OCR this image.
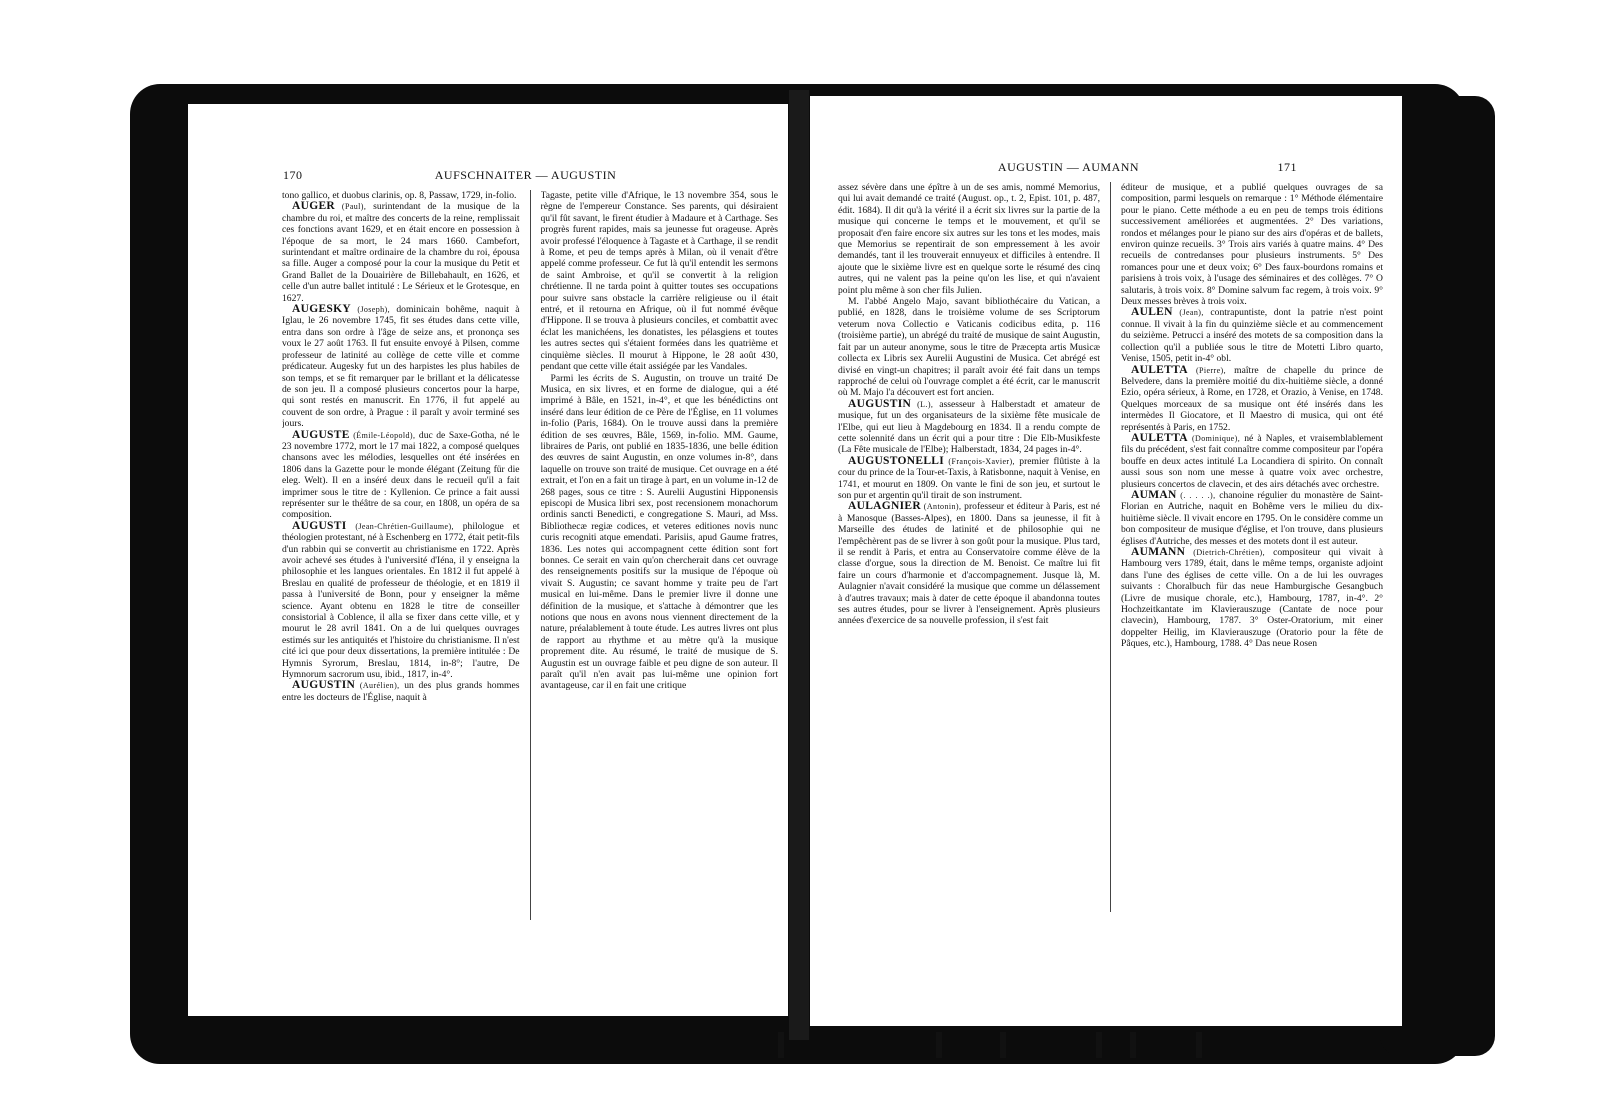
170	AUFSCHNAITER — AUGUSTIN

tono gallico, et duobus clarinis, op. 8, Passaw, 1729, in-folio.

AUGER (Paul), surintendant de la musique de la chambre du roi, et maître des concerts de la reine, remplissait ces fonctions avant 1629, et en était encore en possession à l'époque de sa mort, le 24 mars 1660. Cambefort, surintendant et maître ordinaire de la chambre du roi, épousa sa fille. Auger a composé pour la cour la musique du Petit et Grand Ballet de la Douairière de Billebahault, en 1626, et celle d'un autre ballet intitulé : Le Sérieux et le Grotesque, en 1627.

AUGESKY (Joseph), dominicain bohême, naquit à Iglau, le 26 novembre 1745, fit ses études dans cette ville, entra dans son ordre à l'âge de seize ans, et prononça ses voux le 27 août 1763. Il fut ensuite envoyé à Pilsen, comme professeur de latinité au collège de cette ville et comme prédicateur. Augesky fut un des harpistes les plus habiles de son temps, et se fit remarquer par le brillant et la délicatesse de son jeu. Il a composé plusieurs concertos pour la harpe, qui sont restés en manuscrit. En 1776, il fut appelé au couvent de son ordre, à Prague : il paraît y avoir terminé ses jours.

AUGUSTE (Émile-Léopold), duc de Saxe-Gotha, né le 23 novembre 1772, mort le 17 mai 1822, a composé quelques chansons avec les mélodies, lesquelles ont été insérées en 1806 dans la Gazette pour le monde élégant (Zeitung für die eleg. Welt). Il en a inséré deux dans le recueil qu'il a fait imprimer sous le titre de : Kyllenion. Ce prince a fait aussi représenter sur le théâtre de sa cour, en 1808, un opéra de sa composition.

AUGUSTI (Jean-Chrétien-Guillaume), philologue et théologien protestant, né à Eschenberg en 1772, était petit-fils d'un rabbin qui se convertit au christianisme en 1722. Après avoir achevé ses études à l'université d'Iéna, il y enseigna la philosophie et les langues orientales. En 1812 il fut appelé à Breslau en qualité de professeur de théologie, et en 1819 il passa à l'université de Bonn, pour y enseigner la même science. Ayant obtenu en 1828 le titre de conseiller consistorial à Coblence, il alla se fixer dans cette ville, et y mourut le 28 avril 1841. On a de lui quelques ouvrages estimés sur les antiquités et l'histoire du christianisme. Il n'est cité ici que pour deux dissertations, la première intitulée : De Hymnis Syrorum, Breslau, 1814, in-8°; l'autre, De Hymnorum sacrorum usu, ibid., 1817, in-4°.

AUGUSTIN (Aurélien), un des plus grands hommes entre les docteurs de l'Église, naquit à

Tagaste, petite ville d'Afrique, le 13 novembre 354, sous le règne de l'empereur Constance. Ses parents, qui désiraient qu'il fût savant, le firent étudier à Madaure et à Carthage. Ses progrès furent rapides, mais sa jeunesse fut orageuse. Après avoir professé l'éloquence à Tagaste et à Carthage, il se rendit à Rome, et peu de temps après à Milan, où il venait d'être appelé comme professeur. Ce fut là qu'il entendit les sermons de saint Ambroise, et qu'il se convertit à la religion chrétienne. Il ne tarda point à quitter toutes ses occupations pour suivre sans obstacle la carrière religieuse ou il était entré, et il retourna en Afrique, où il fut nommé évêque d'Hippone. Il se trouva à plusieurs conciles, et combattit avec éclat les manichéens, les donatistes, les pélasgiens et toutes les autres sectes qui s'étaient formées dans les quatrième et cinquième siècles. Il mourut à Hippone, le 28 août 430, pendant que cette ville était assiégée par les Vandales.

Parmi les écrits de S. Augustin, on trouve un traité De Musica, en six livres, et en forme de dialogue, qui a été imprimé à Bâle, en 1521, in-4°, et que les bénédictins ont inséré dans leur édition de ce Père de l'Église, en 11 volumes in-folio (Paris, 1684). On le trouve aussi dans la première édition de ses œuvres, Bâle, 1569, in-folio. MM. Gaume, libraires de Paris, ont publié en 1835-1836, une belle édition des œuvres de saint Augustin, en onze volumes in-8°, dans laquelle on trouve son traité de musique. Cet ouvrage en a été extrait, et l'on en a fait un tirage à part, en un volume in-12 de 268 pages, sous ce titre : S. Aurelii Augustini Hipponensis episcopi de Musica libri sex, post recensionem monachorum ordinis sancti Benedicti, e congregatione S. Mauri, ad Mss. Bibliothecæ regiæ codices, et veteres editiones novis nunc curis recogniti atque emendati. Parisiis, apud Gaume fratres, 1836. Les notes qui accompagnent cette édition sont fort bonnes. Ce serait en vain qu'on chercherait dans cet ouvrage des renseignements positifs sur la musique de l'époque où vivait S. Augustin; ce savant homme y traite peu de l'art musical en lui-même. Dans le premier livre il donne une définition de la musique, et s'attache à démontrer que les notions que nous en avons nous viennent directement de la nature, préalablement à toute étude. Les autres livres ont plus de rapport au rhythme et au mètre qu'à la musique proprement dite. Au résumé, le traité de musique de S. Augustin est un ouvrage faible et peu digne de son auteur. Il paraît qu'il n'en avait pas lui-même une opinion fort avantageuse, car il en fait une critique

AUGUSTIN — AUMANN	171

assez sévère dans une épître à un de ses amis, nommé Memorius, qui lui avait demandé ce traité (August. op., t. 2, Epist. 101, p. 487, édit. 1684). Il dit qu'à la vérité il a écrit six livres sur la partie de la musique qui concerne le temps et le mouvement, et qu'il se proposait d'en faire encore six autres sur les tons et les modes, mais que Memorius se repentirait de son empressement à les avoir demandés, tant il les trouverait ennuyeux et difficiles à entendre. Il ajoute que le sixième livre est en quelque sorte le résumé des cinq autres, qui ne valent pas la peine qu'on les lise, et qui n'avaient point plu même à son cher fils Julien.

M. l'abbé Angelo Majo, savant bibliothécaire du Vatican, a publié, en 1828, dans le troisième volume de ses Scriptorum veterum nova Collectio e Vaticanis codicibus edita, p. 116 (troisième partie), un abrégé du traité de musique de saint Augustin, fait par un auteur anonyme, sous le titre de Præcepta artis Musicæ collecta ex Libris sex Aurelii Augustini de Musica. Cet abrégé est divisé en vingt-un chapitres; il paraît avoir été fait dans un temps rapproché de celui où l'ouvrage complet a été écrit, car le manuscrit où M. Majo l'a découvert est fort ancien.

AUGUSTIN (L.), assesseur à Halberstadt et amateur de musique, fut un des organisateurs de la sixième fête musicale de l'Elbe, qui eut lieu à Magdebourg en 1834. Il a rendu compte de cette solennité dans un écrit qui a pour titre : Die Elb-Musikfeste (La Fête musicale de l'Elbe); Halberstadt, 1834, 24 pages in-4°.

AUGUSTONELLI (François-Xavier), premier flûtiste à la cour du prince de la Tour-et-Taxis, à Ratisbonne, naquit à Venise, en 1741, et mourut en 1809. On vante le fini de son jeu, et surtout le son pur et argentin qu'il tirait de son instrument.

AULAGNIER (Antonin), professeur et éditeur à Paris, est né à Manosque (Basses-Alpes), en 1800. Dans sa jeunesse, il fit à Marseille des études de latinité et de philosophie qui ne l'empêchèrent pas de se livrer à son goût pour la musique. Plus tard, il se rendit à Paris, et entra au Conservatoire comme élève de la classe d'orgue, sous la direction de M. Benoist. Ce maître lui fit faire un cours d'harmonie et d'accompagnement. Jusque là, M. Aulagnier n'avait considéré la musique que comme un délassement à d'autres travaux; mais à dater de cette époque il abandonna toutes ses autres études, pour se livrer à l'enseignement. Après plusieurs années d'exercice de sa nouvelle profession, il s'est fait

éditeur de musique, et a publié quelques ouvrages de sa composition, parmi lesquels on remarque : 1° Méthode élémentaire pour le piano. Cette méthode a eu en peu de temps trois éditions successivement améliorées et augmentées. 2° Des variations, rondos et mélanges pour le piano sur des airs d'opéras et de ballets, environ quinze recueils. 3° Trois airs variés à quatre mains. 4° Des recueils de contredanses pour plusieurs instruments. 5° Des romances pour une et deux voix; 6° Des faux-bourdons romains et parisiens à trois voix, à l'usage des séminaires et des collèges. 7° O salutaris, à trois voix. 8° Domine salvum fac regem, à trois voix. 9° Deux messes brèves à trois voix.

AULEN (Jean), contrapuntiste, dont la patrie n'est point connue. Il vivait à la fin du quinzième siècle et au commencement du seizième. Petrucci a inséré des motets de sa composition dans la collection qu'il a publiée sous le titre de Motetti Libro quarto, Venise, 1505, petit in-4° obl.

AULETTA (Pierre), maître de chapelle du prince de Belvedere, dans la première moitié du dix-huitième siècle, a donné Ezio, opéra sérieux, à Rome, en 1728, et Orazio, à Venise, en 1748. Quelques morceaux de sa musique ont été insérés dans les intermèdes Il Giocatore, et Il Maestro di musica, qui ont été représentés à Paris, en 1752.

AULETTA (Dominique), né à Naples, et vraisemblablement fils du précédent, s'est fait connaître comme compositeur par l'opéra bouffe en deux actes intitulé La Locandiera di spirito. On connaît aussi sous son nom une messe à quatre voix avec orchestre, plusieurs concertos de clavecin, et des airs détachés avec orchestre.

AUMAN (. . . . .), chanoine régulier du monastère de Saint-Florian en Autriche, naquit en Bohême vers le milieu du dix-huitième siècle. Il vivait encore en 1795. On le considère comme un bon compositeur de musique d'église, et l'on trouve, dans plusieurs églises d'Autriche, des messes et des motets dont il est auteur.

AUMANN (Dietrich-Chrétien), compositeur qui vivait à Hambourg vers 1789, était, dans le même temps, organiste adjoint dans l'une des églises de cette ville. On a de lui les ouvrages suivants : Choralbuch für das neue Hamburgische Gesangbuch (Livre de musique chorale, etc.), Hambourg, 1787, in-4°. 2° Hochzeitkantate im Klavierauszuge (Cantate de noce pour clavecin), Hambourg, 1787. 3° Oster-Oratorium, mit einer doppelter Heilig, im Klavierauszuge (Oratorio pour la fête de Pâques, etc.), Hambourg, 1788. 4° Das neue Rosen
